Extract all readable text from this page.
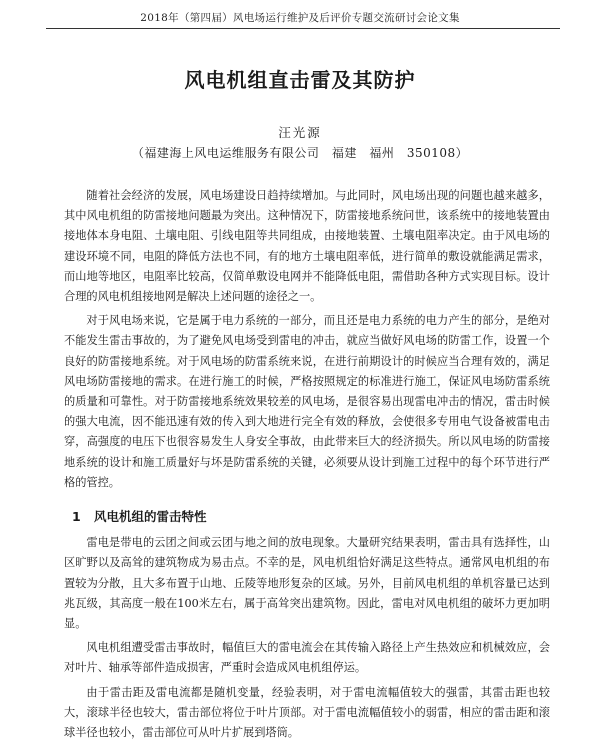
2018年（第四届）风电场运行维护及后评价专题交流研讨会论文集
风电机组直击雷及其防护
汪光源
（福建海上风电运维服务有限公司　福建　福州　350108）

随着社会经济的发展，风电场建设日趋持续增加。与此同时，风电场出现的问题也越来越多，其中风电机组的防雷接地问题最为突出。这种情况下，防雷接地系统问世，该系统中的接地装置由接地体本身电阻、土壤电阻、引线电阻等共同组成，由接地装置、土壤电阻率决定。由于风电场的建设环境不同，电阻的降低方法也不同，有的地方土壤电阻率低，进行简单的敷设就能满足需求，而山地等地区，电阻率比较高，仅简单敷设电网并不能降低电阻，需借助各种方式实现目标。设计合理的风电机组接地网是解决上述问题的途径之一。

对于风电场来说，它是属于电力系统的一部分，而且还是电力系统的电力产生的部分，是绝对不能发生雷击事故的，为了避免风电场受到雷电的冲击，就应当做好风电场的防雷工作，设置一个良好的防雷接地系统。对于风电场的防雷系统来说，在进行前期设计的时候应当合理有效的，满足风电场防雷接地的需求。在进行施工的时候，严格按照规定的标准进行施工，保证风电场防雷系统的质量和可靠性。对于防雷接地系统效果较差的风电场，是很容易出现雷电冲击的情况，雷击时候的强大电流，因不能迅速有效的传入到大地进行完全有效的释放，会使很多专用电气设备被雷电击穿，高强度的电压下也很容易发生人身安全事故，由此带来巨大的经济损失。所以风电场的防雷接地系统的设计和施工质量好与坏是防雷系统的关键，必须要从设计到施工过程中的每个环节进行严格的管控。

1 风电机组的雷击特性

雷电是带电的云团之间或云团与地之间的放电现象。大量研究结果表明，雷击具有选择性，山区旷野以及高耸的建筑物成为易击点。不幸的是，风电机组恰好满足这些特点。通常风电机组的布置较为分散，且大多布置于山地、丘陵等地形复杂的区域。另外，目前风电机组的单机容量已达到兆瓦级，其高度一般在100米左右，属于高耸突出建筑物。因此，雷电对风电机组的破坏力更加明显。

风电机组遭受雷击事故时，幅值巨大的雷电流会在其传输入路径上产生热效应和机械效应，会对叶片、轴承等部件造成损害，严重时会造成风电机组停运。

由于雷击距及雷电流都是随机变量，经验表明，对于雷电流幅值较大的强雷，其雷击距也较大，滚球半径也较大，雷击部位将位于叶片顶部。对于雷电流幅值较小的弱雷，相应的雷击距和滚球半径也较小，雷击部位可从叶片扩展到塔筒。
